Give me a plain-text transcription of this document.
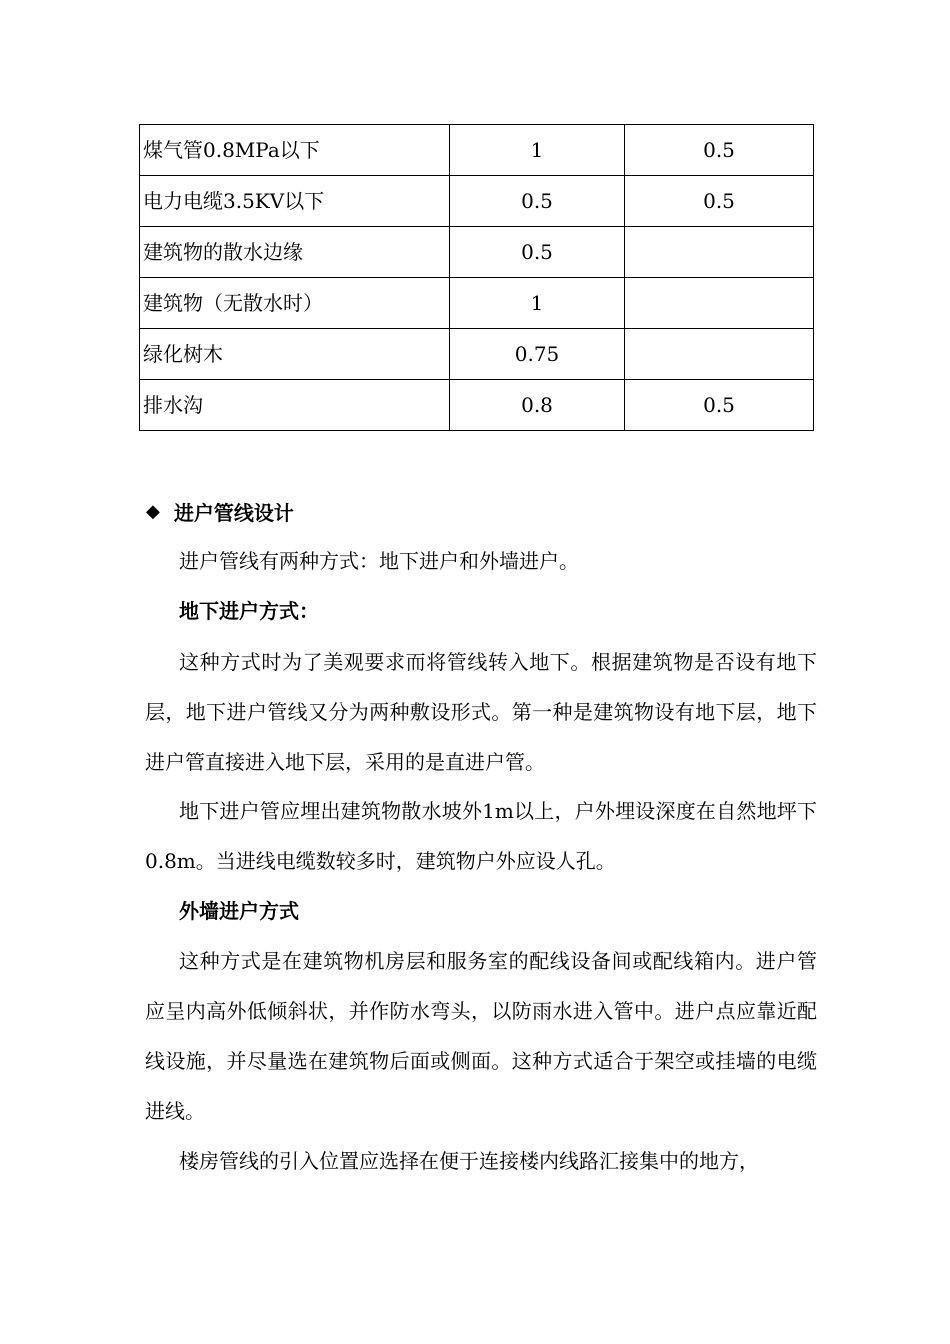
煤气管0.8MPa以下	1	0.5
电力电缆3.5KV以下	0.5	0.5
建筑物的散水边缘	0.5	
建筑物（无散水时）	1	
绿化树木	0.75	
排水沟	0.8	0.5
◆ 进户管线设计
进户管线有两种方式：地下进户和外墙进户。
地下进户方式：
这种方式时为了美观要求而将管线转入地下。根据建筑物是否设有地下层，地下进户管线又分为两种敷设形式。第一种是建筑物设有地下层，地下进户管直接进入地下层，采用的是直进户管。
地下进户管应埋出建筑物散水坡外1m以上，户外埋设深度在自然地坪下0.8m。当进线电缆数较多时，建筑物户外应设人孔。
外墙进户方式
这种方式是在建筑物机房层和服务室的配线设备间或配线箱内。进户管应呈内高外低倾斜状，并作防水弯头，以防雨水进入管中。进户点应靠近配线设施，并尽量选在建筑物后面或侧面。这种方式适合于架空或挂墙的电缆进线。
楼房管线的引入位置应选择在便于连接楼内线路汇接集中的地方，
